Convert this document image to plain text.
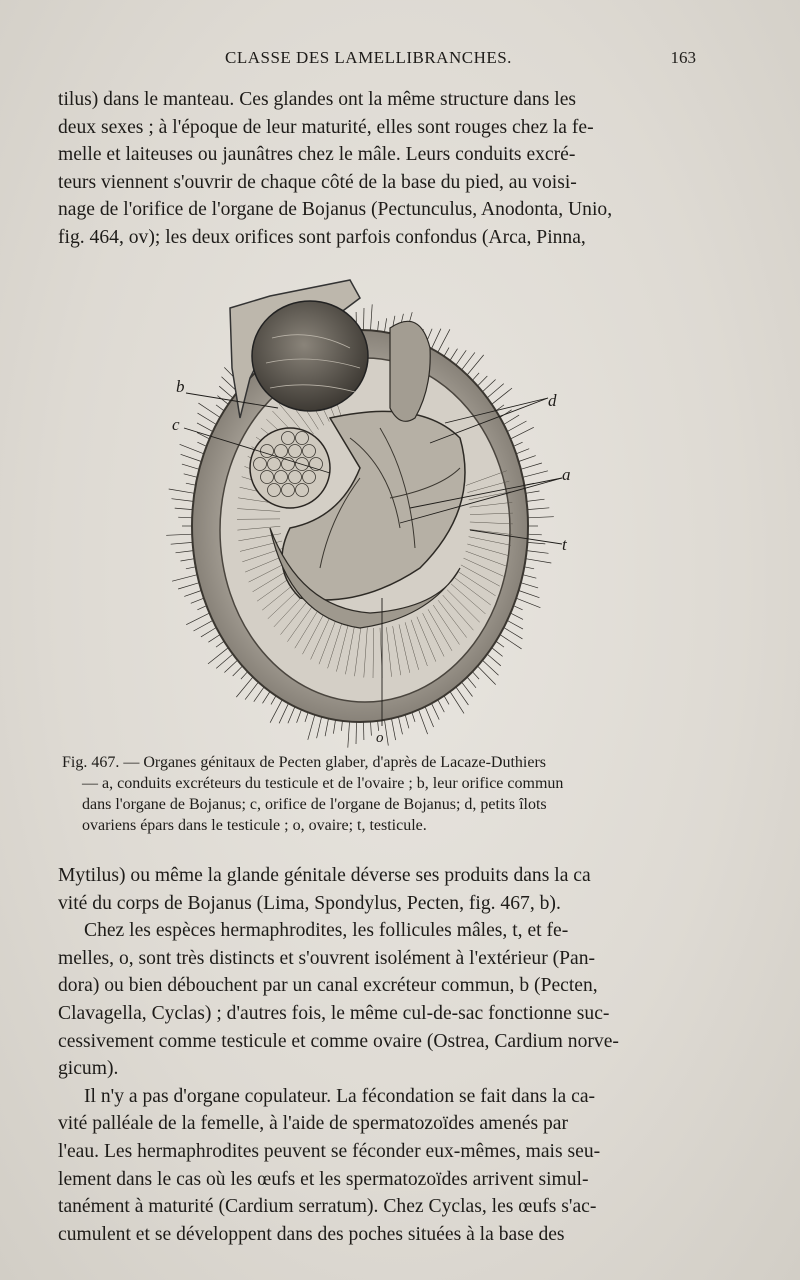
CLASSE DES LAMELLIBRANCHES.	163

tilus) dans le manteau. Ces glandes ont la même structure dans les

deux sexes ; à l'époque de leur maturité, elles sont rouges chez la fe-

melle et laiteuses ou jaunâtres chez le mâle. Leurs conduits excré-

teurs viennent s'ouvrir de chaque côté de la base du pied, au voisi-

nage de l'orifice de l'organe de Bojanus (Pectunculus, Anodonta, Unio,

fig. 464, ov); les deux orifices sont parfois confondus (Arca, Pinna,

b
c
d
a
t
o

Fig. 467. — Organes génitaux de Pecten glaber, d'après de Lacaze-Duthiers

— a, conduits excréteurs du testicule et de l'ovaire ; b, leur orifice commun

dans l'organe de Bojanus; c, orifice de l'organe de Bojanus; d, petits îlots

ovariens épars dans le testicule ; o, ovaire; t, testicule.

Mytilus) ou même la glande génitale déverse ses produits dans la ca

vité du corps de Bojanus (Lima, Spondylus, Pecten, fig. 467, b).

Chez les espèces hermaphrodites, les follicules mâles, t, et fe-

melles, o, sont très distincts et s'ouvrent isolément à l'extérieur (Pan-

dora) ou bien débouchent par un canal excréteur commun, b (Pecten,

Clavagella, Cyclas) ; d'autres fois, le même cul-de-sac fonctionne suc-

cessivement comme testicule et comme ovaire (Ostrea, Cardium norve-

gicum).

Il n'y a pas d'organe copulateur. La fécondation se fait dans la ca-

vité palléale de la femelle, à l'aide de spermatozoïdes amenés par

l'eau. Les hermaphrodites peuvent se féconder eux-mêmes, mais seu-

lement dans le cas où les œufs et les spermatozoïdes arrivent simul-

tanément à maturité (Cardium serratum). Chez Cyclas, les œufs s'ac-

cumulent et se développent dans des poches situées à la base des
